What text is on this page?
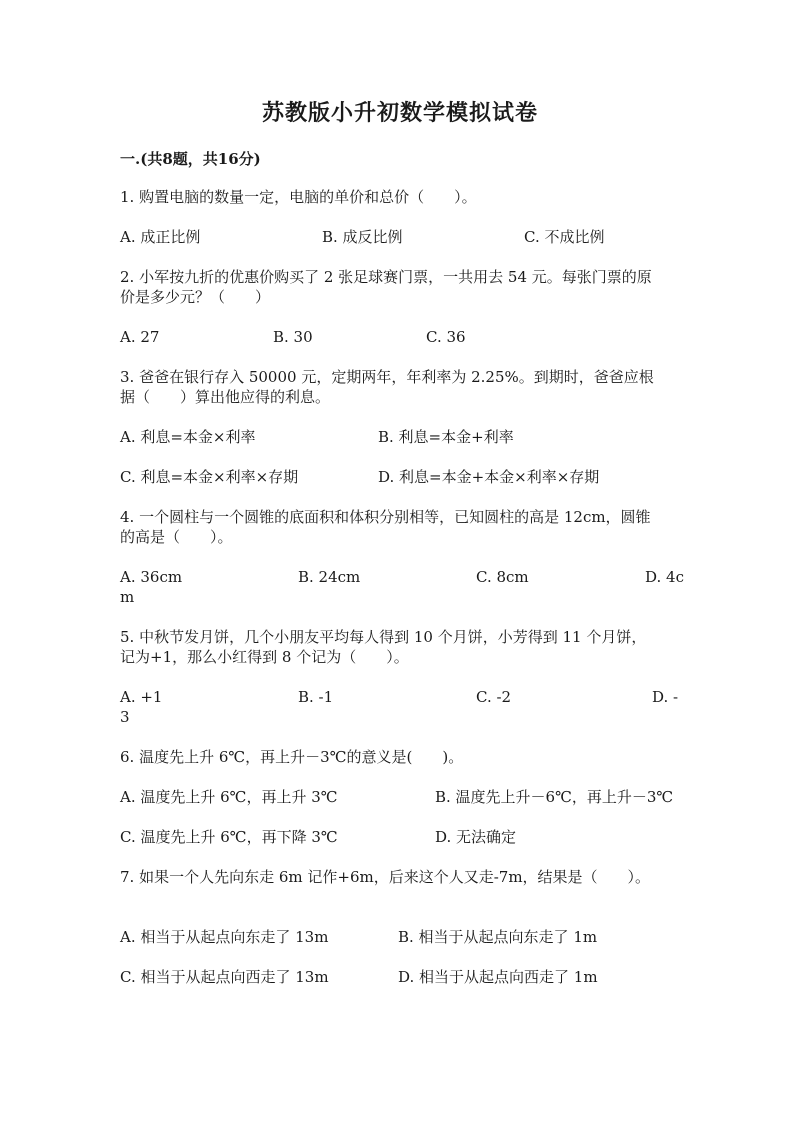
苏教版小升初数学模拟试卷
一.(共8题，共16分)
1. 购置电脑的数量一定，电脑的单价和总价（　　）。
A. 成正比例	B. 成反比例	C. 不成比例
2. 小军按九折的优惠价购买了 2 张足球赛门票，一共用去 54 元。每张门票的原
价是多少元？（　　）
A. 27	B. 30	C. 36
3. 爸爸在银行存入 50000 元，定期两年，年利率为 2.25%。到期时，爸爸应根
据（　　）算出他应得的利息。
A. 利息=本金×利率	B. 利息=本金+利率
C. 利息=本金×利率×存期	D. 利息=本金+本金×利率×存期
4. 一个圆柱与一个圆锥的底面积和体积分别相等，已知圆柱的高是 12cm，圆锥
的高是（　　）。
A. 36cm	B. 24cm	C. 8cm	D. 4c
m
5. 中秋节发月饼，几个小朋友平均每人得到 10 个月饼，小芳得到 11 个月饼，
记为+1，那么小红得到 8 个记为（　　）。
A. +1	B. -1	C. -2	D. -
3
6. 温度先上升 6℃，再上升－3℃的意义是(　　)。
A. 温度先上升 6℃，再上升 3℃	B. 温度先上升－6℃，再上升－3℃
C. 温度先上升 6℃，再下降 3℃	D. 无法确定
7. 如果一个人先向东走 6m 记作+6m，后来这个人又走-7m，结果是（　　）。
A. 相当于从起点向东走了 13m	B. 相当于从起点向东走了 1m
C. 相当于从起点向西走了 13m	D. 相当于从起点向西走了 1m
